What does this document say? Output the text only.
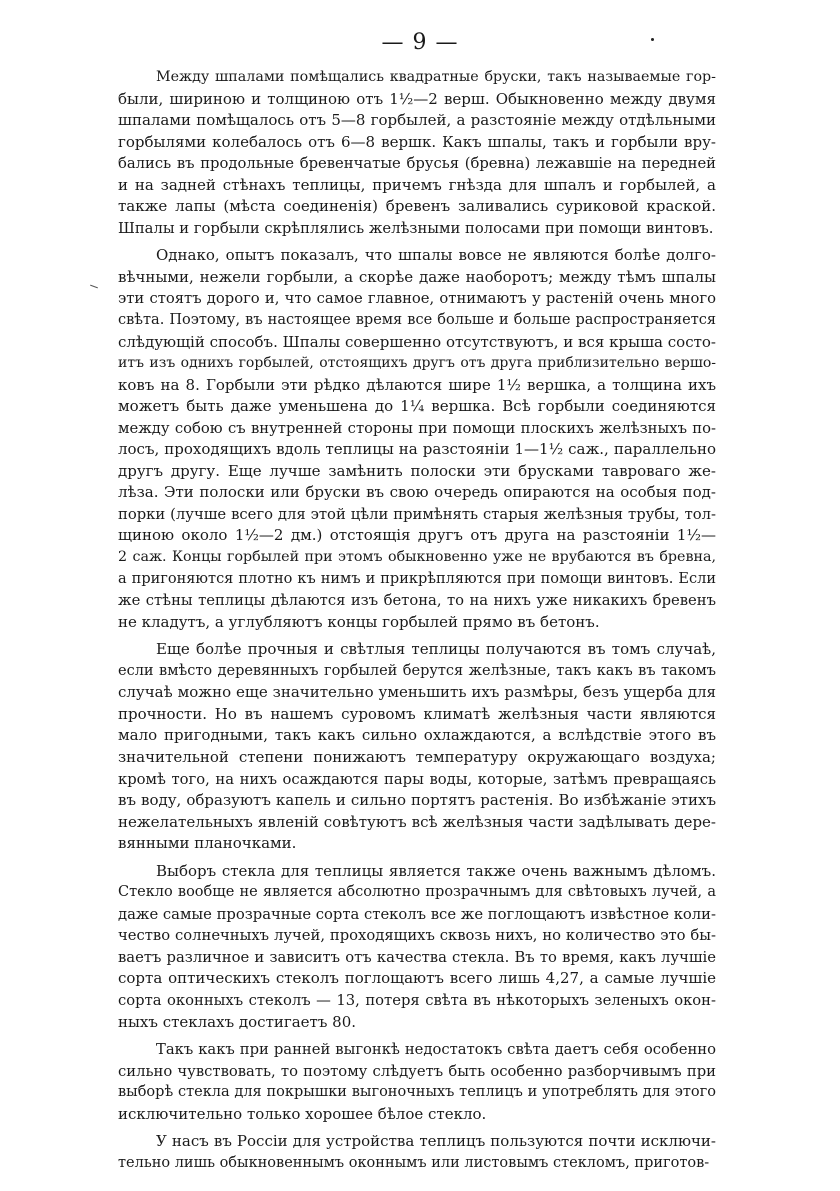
— 9 —
Между шпалами помѣщались квадратные бруски, такъ называемые гор-
были, шириною и толщиною отъ 1½—2 верш. Обыкновенно между двумя
шпалами помѣщалось отъ 5—8 горбылей, а разстояніе между отдѣльными
горбылями колебалось отъ 6—8 вершк. Какъ шпалы, такъ и горбыли вру-
бались въ продольные бревенчатые брусья (бревна) лежавшіе на передней
и на задней стѣнахъ теплицы, причемъ гнѣзда для шпалъ и горбылей, а
также лапы (мѣста соединенія) бревенъ заливались суриковой краской.
Шпалы и горбыли скрѣплялись желѣзными полосами при помощи винтовъ.
Однако, опытъ показалъ, что шпалы вовсе не являются болѣе долго-
вѣчными, нежели горбыли, а скорѣе даже наоборотъ; между тѣмъ шпалы
эти стоятъ дорого и, что самое главное, отнимаютъ у растеній очень много
свѣта. Поэтому, въ настоящее время все больше и больше распространяется
слѣдующій способъ. Шпалы совершенно отсутствуютъ, и вся крыша состо-
итъ изъ однихъ горбылей, отстоящихъ другъ отъ друга приблизительно вершо-
ковъ на 8. Горбыли эти рѣдко дѣлаются шире 1½ вершка, а толщина ихъ
можетъ быть даже уменьшена до 1¼ вершка. Всѣ горбыли соединяются
между собою съ внутренней стороны при помощи плоскихъ желѣзныхъ по-
лосъ, проходящихъ вдоль теплицы на разстояніи 1—1½ саж., параллельно
другъ другу. Еще лучше замѣнить полоски эти брусками тавроваго же-
лѣза. Эти полоски или бруски въ свою очередь опираются на особыя под-
порки (лучше всего для этой цѣли примѣнять старыя желѣзныя трубы, тол-
щиною около 1½—2 дм.) отстоящія другъ отъ друга на разстояніи 1½—
2 саж. Концы горбылей при этомъ обыкновенно уже не врубаются въ бревна,
а пригоняются плотно къ нимъ и прикрѣпляются при помощи винтовъ. Если
же стѣны теплицы дѣлаются изъ бетона, то на нихъ уже никакихъ бревенъ
не кладутъ, а углубляютъ концы горбылей прямо въ бетонъ.
Еще болѣе прочныя и свѣтлыя теплицы получаются въ томъ случаѣ,
если вмѣсто деревянныхъ горбылей берутся желѣзные, такъ какъ въ такомъ
случаѣ можно еще значительно уменьшить ихъ размѣры, безъ ущерба для
прочности. Но въ нашемъ суровомъ климатѣ желѣзныя части являются
мало пригодными, такъ какъ сильно охлаждаются, а вслѣдствіе этого въ
значительной степени понижаютъ температуру окружающаго воздуха;
кромѣ того, на нихъ осаждаются пары воды, которые, затѣмъ превращаясь
въ воду, образуютъ капель и сильно портятъ растенія. Во избѣжаніе этихъ
нежелательныхъ явленій совѣтуютъ всѣ желѣзныя части задѣлывать дере-
вянными планочками.
Выборъ стекла для теплицы является также очень важнымъ дѣломъ.
Стекло вообще не является абсолютно прозрачнымъ для свѣтовыхъ лучей, а
даже самые прозрачные сорта стеколъ все же поглощаютъ извѣстное коли-
чество солнечныхъ лучей, проходящихъ сквозь нихъ, но количество это бы-
ваетъ различное и зависитъ отъ качества стекла. Въ то время, какъ лучшіе
сорта оптическихъ стеколъ поглощаютъ всего лишь 4,27, а самые лучшіе
сорта оконныхъ стеколъ — 13, потеря свѣта въ нѣкоторыхъ зеленыхъ окон-
ныхъ стеклахъ достигаетъ 80.
Такъ какъ при ранней выгонкѣ недостатокъ свѣта даетъ себя особенно
сильно чувствовать, то поэтому слѣдуетъ быть особенно разборчивымъ при
выборѣ стекла для покрышки выгоночныхъ теплицъ и употреблять для этого
исключительно только хорошее бѣлое стекло.
У насъ въ Россіи для устройства теплицъ пользуются почти исключи-
тельно лишь обыкновеннымъ оконнымъ или листовымъ стекломъ, приготов-
